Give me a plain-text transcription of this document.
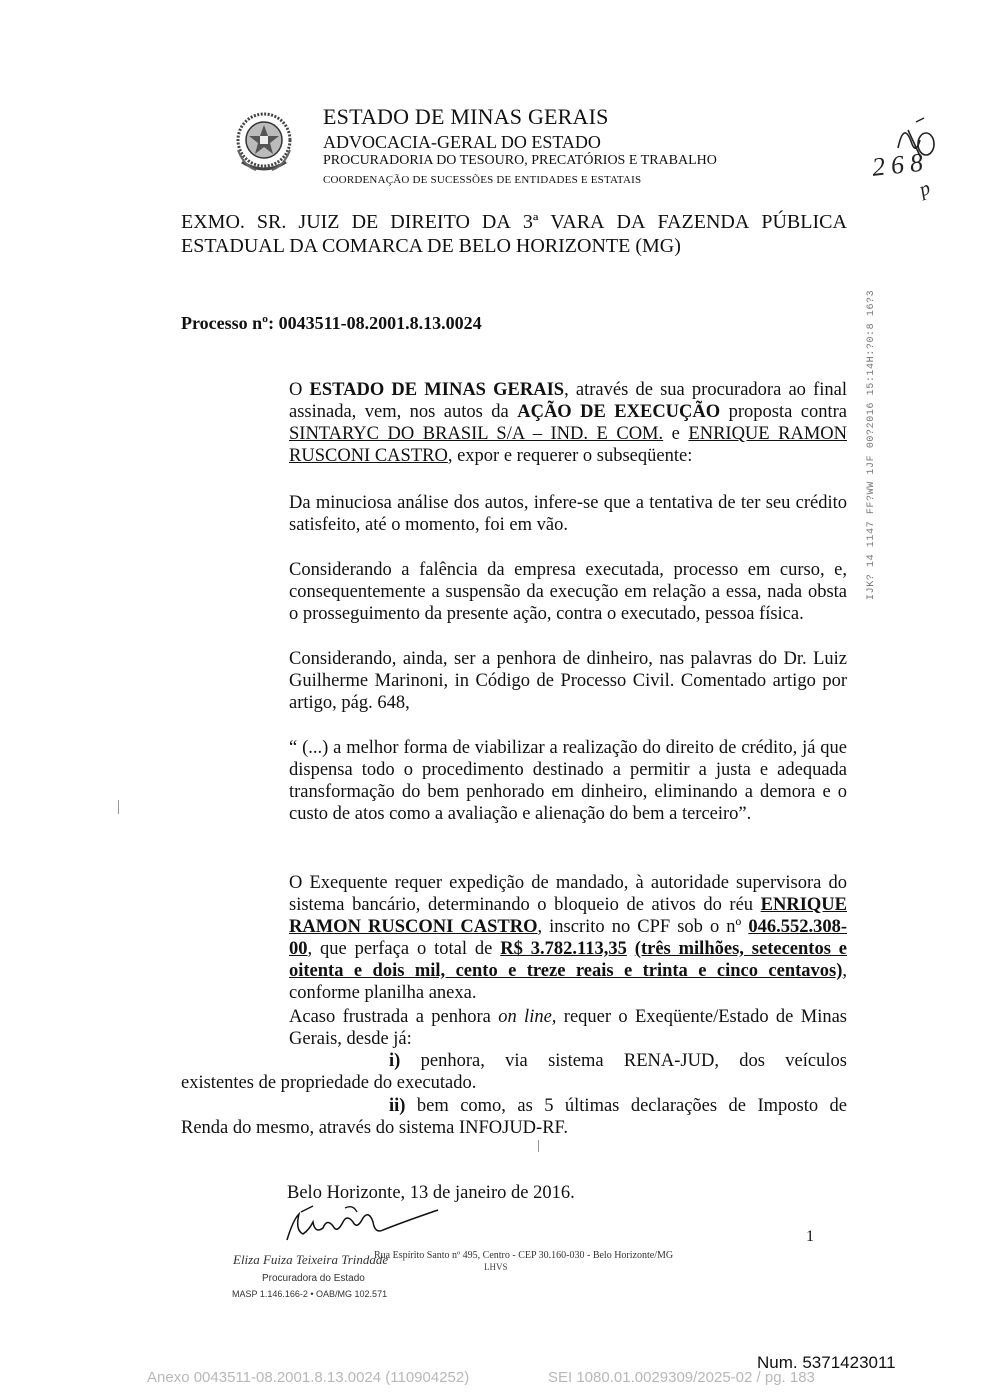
ESTADO DE MINAS GERAIS
ADVOCACIA-GERAL DO ESTADO
PROCURADORIA DO TESOURO, PRECATÓRIOS E TRABALHO
COORDENAÇÃO DE SUCESSÕES DE ENTIDADES E ESTATAIS	268
p
IJK? 14 1147 FF?WW 1JF 00?2016 15:14H:?0:8 16?3
EXMO. SR. JUIZ DE DIREITO DA 3ª VARA DA FAZENDA PÚBLICA
ESTADUAL DA COMARCA DE BELO HORIZONTE (MG)
Processo nº: 0043511-08.2001.8.13.0024
O ESTADO DE MINAS GERAIS, através de sua procuradora ao final assinada, vem, nos autos da AÇÃO DE EXECUÇÃO proposta contra SINTARYC DO BRASIL S/A – IND. E COM. e ENRIQUE RAMON RUSCONI CASTRO, expor e requerer o subseqüente:
Da minuciosa análise dos autos, infere-se que a tentativa de ter seu crédito satisfeito, até o momento, foi em vão.
Considerando a falência da empresa executada, processo em curso, e, consequentemente a suspensão da execução em relação a essa, nada obsta o prosseguimento da presente ação, contra o executado, pessoa física.
Considerando, ainda, ser a penhora de dinheiro, nas palavras do Dr. Luiz Guilherme Marinoni, in Código de Processo Civil. Comentado artigo por artigo, pág. 648,
“ (...) a melhor forma de viabilizar a realização do direito de crédito, já que dispensa todo o procedimento destinado a permitir a justa e adequada transformação do bem penhorado em dinheiro, eliminando a demora e o custo de atos como a avaliação e alienação do bem a terceiro”.
O Exequente requer expedição de mandado, à autoridade supervisora do sistema bancário, determinando o bloqueio de ativos do réu ENRIQUE RAMON RUSCONI CASTRO, inscrito no CPF sob o nº 046.552.308-00, que perfaça o total de R$ 3.782.113,35 (três milhões, setecentos e oitenta e dois mil, cento e treze reais e trinta e cinco centavos), conforme planilha anexa.
Acaso frustrada a penhora on line, requer o Exeqüente/Estado de Minas Gerais, desde já:
i) penhora, via sistema RENA-JUD, dos veículos
existentes de propriedade do executado.
ii) bem como, as 5 últimas declarações de Imposto de
Renda do mesmo, através do sistema INFOJUD-RF.
Belo Horizonte, 13 de janeiro de 2016.
1
Eliza Fuiza Teixeira Trindade
Rua Espírito Santo nº 495, Centro - CEP 30.160-030 - Belo Horizonte/MG
LHVS
Procuradora do Estado
MASP 1.146.166-2 • OAB/MG 102.571
Num. 5371423011
Anexo 0043511-08.2001.8.13.0024 (110904252)	SEI 1080.01.0029309/2025-02 / pg. 183
